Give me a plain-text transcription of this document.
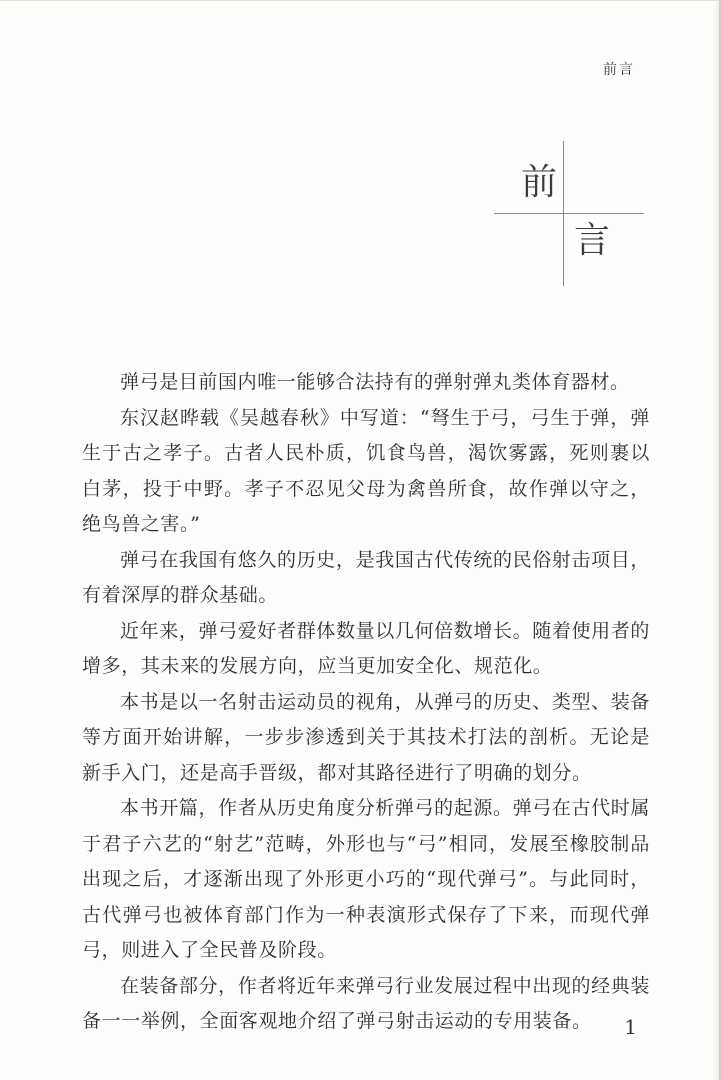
前言
前
言

弹弓是目前国内唯一能够合法持有的弹射弹丸类体育器材。

东汉赵晔载《吴越春秋》中写道：“弩生于弓，弓生于弹，弹生于古之孝子。古者人民朴质，饥食鸟兽，渴饮雾露，死则裹以白茅，投于中野。孝子不忍见父母为禽兽所食，故作弹以守之，绝鸟兽之害。”

弹弓在我国有悠久的历史，是我国古代传统的民俗射击项目，有着深厚的群众基础。

近年来，弹弓爱好者群体数量以几何倍数增长。随着使用者的增多，其未来的发展方向，应当更加安全化、规范化。

本书是以一名射击运动员的视角，从弹弓的历史、类型、装备等方面开始讲解，一步步渗透到关于其技术打法的剖析。无论是新手入门，还是高手晋级，都对其路径进行了明确的划分。

本书开篇，作者从历史角度分析弹弓的起源。弹弓在古代时属于君子六艺的“射艺”范畴，外形也与“弓”相同，发展至橡胶制品出现之后，才逐渐出现了外形更小巧的“现代弹弓”。与此同时，古代弹弓也被体育部门作为一种表演形式保存了下来，而现代弹弓，则进入了全民普及阶段。

在装备部分，作者将近年来弹弓行业发展过程中出现的经典装备一一举例，全面客观地介绍了弹弓射击运动的专用装备。	1
